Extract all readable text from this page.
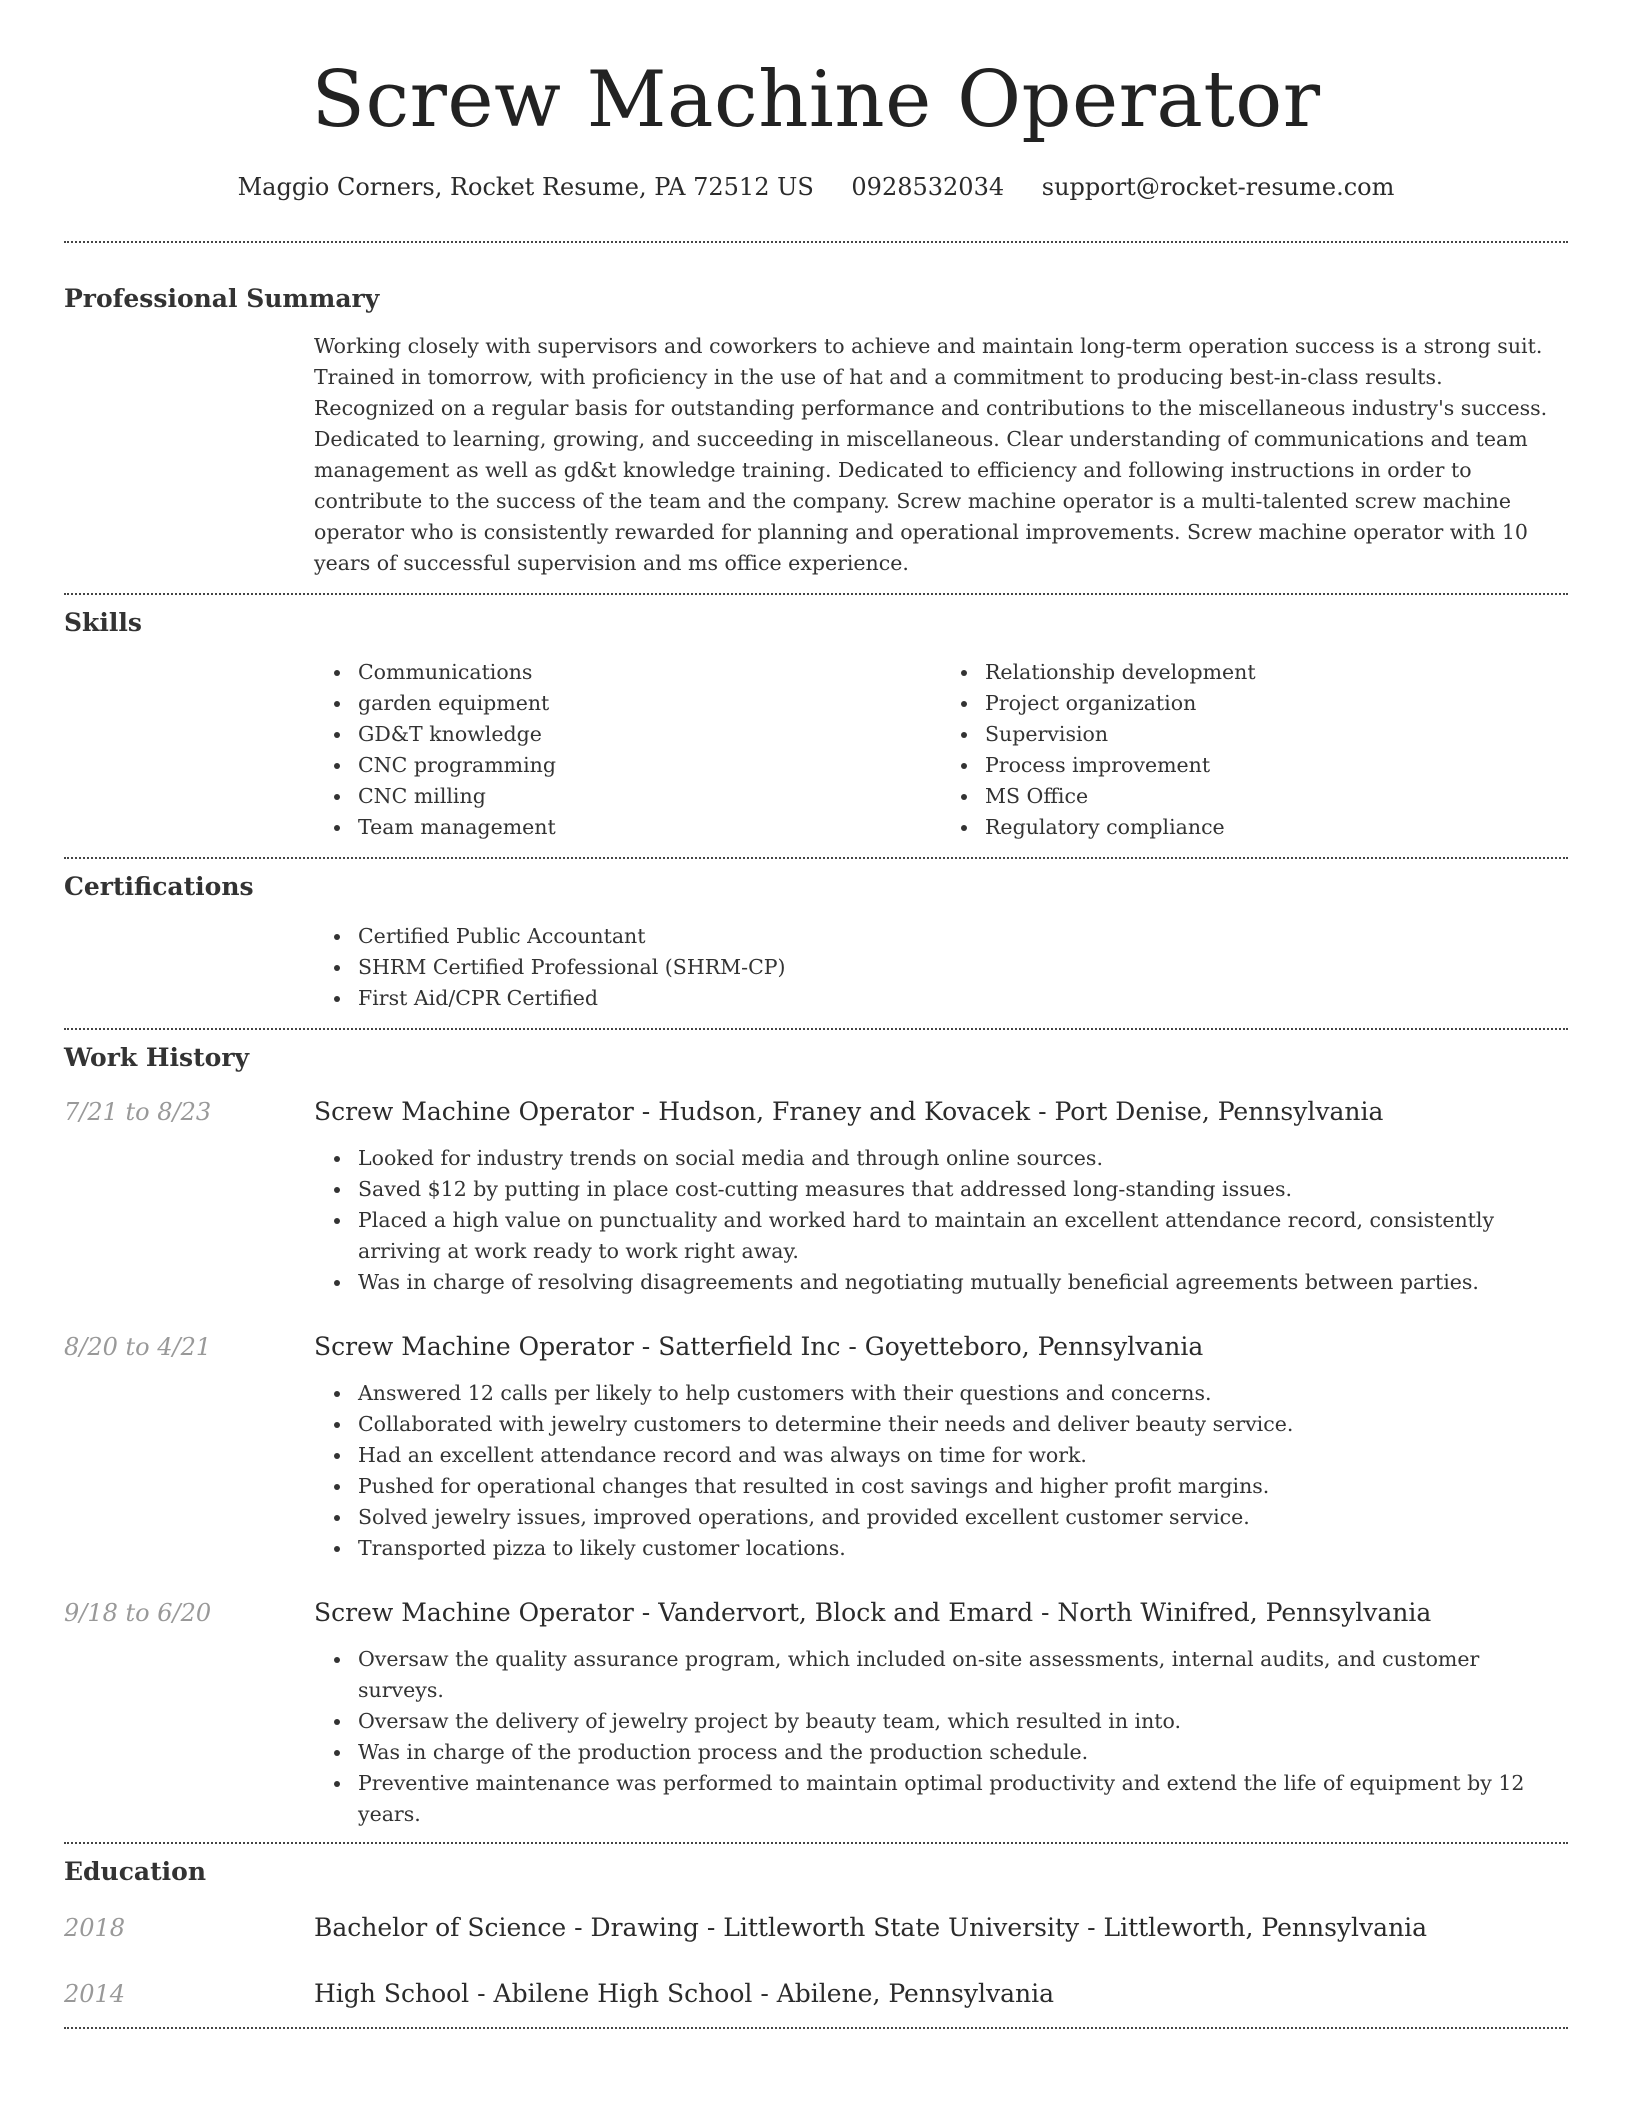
Screw Machine Operator
Maggio Corners, Rocket Resume, PA 72512 US 0928532034 support@rocket-resume.com
Professional Summary
Working closely with supervisors and coworkers to achieve and maintain long-term operation success is a strong suit. Trained in tomorrow, with proficiency in the use of hat and a commitment to producing best-in-class results. Recognized on a regular basis for outstanding performance and contributions to the miscellaneous industry's success. Dedicated to learning, growing, and succeeding in miscellaneous. Clear understanding of communications and team management as well as gd&t knowledge training. Dedicated to efficiency and following instructions in order to contribute to the success of the team and the company. Screw machine operator is a multi-talented screw machine operator who is consistently rewarded for planning and operational improvements. Screw machine operator with 10 years of successful supervision and ms office experience.
Skills
Communications
garden equipment
GD&T knowledge
CNC programming
CNC milling
Team management
Relationship development
Project organization
Supervision
Process improvement
MS Office
Regulatory compliance
Certifications
Certified Public Accountant
SHRM Certified Professional (SHRM-CP)
First Aid/CPR Certified
Work History
7/21 to 8/23	Screw Machine Operator - Hudson, Franey and Kovacek - Port Denise, Pennsylvania
Looked for industry trends on social media and through online sources.
Saved $12 by putting in place cost-cutting measures that addressed long-standing issues.
Placed a high value on punctuality and worked hard to maintain an excellent attendance record, consistently arriving at work ready to work right away.
Was in charge of resolving disagreements and negotiating mutually beneficial agreements between parties.
8/20 to 4/21	Screw Machine Operator - Satterfield Inc - Goyetteboro, Pennsylvania
Answered 12 calls per likely to help customers with their questions and concerns.
Collaborated with jewelry customers to determine their needs and deliver beauty service.
Had an excellent attendance record and was always on time for work.
Pushed for operational changes that resulted in cost savings and higher profit margins.
Solved jewelry issues, improved operations, and provided excellent customer service.
Transported pizza to likely customer locations.
9/18 to 6/20	Screw Machine Operator - Vandervort, Block and Emard - North Winifred, Pennsylvania
Oversaw the quality assurance program, which included on-site assessments, internal audits, and customer surveys.
Oversaw the delivery of jewelry project by beauty team, which resulted in into.
Was in charge of the production process and the production schedule.
Preventive maintenance was performed to maintain optimal productivity and extend the life of equipment by 12 years.
Education
2018	Bachelor of Science - Drawing - Littleworth State University - Littleworth, Pennsylvania
2014	High School - Abilene High School - Abilene, Pennsylvania
